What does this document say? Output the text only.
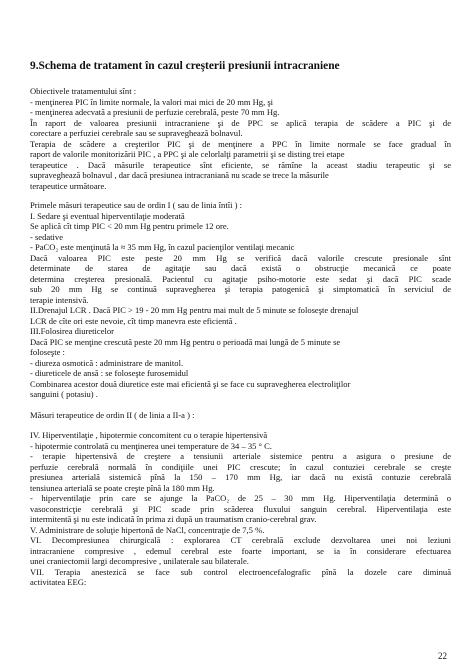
9.Schema de tratament în cazul creşterii presiunii intracraniene
Obiectivele tratamentului sînt :
- menţinerea PIC în limite normale, la valori mai mici de 20 mm Hg, şi
- menţinerea adecvată a presiunii de perfuzie cerebrală, peste 70 mm Hg.
În raport de valoarea presiunii intracraniene şi de PPC se aplică terapia de scădere a PIC şi de
corectare a perfuziei cerebrale sau se supraveghează bolnavul.
Terapia de scădere a creşterilor PIC şi de menţinere a PPC în limite normale se face gradual în
raport de valorile monitorizării PIC , a PPC şi ale celorlalţi parametrii şi se disting trei etape
terapeutice . Dacă măsurile terapeutice sînt eficiente, se rămîne la aceast stadiu terapeutic şi se
supraveghează bolnavul , dar dacă presiunea intracraniană nu scade se trece la măsurile
terapeutice următoare.
Primele măsuri terapeutice sau de ordin I ( sau de linia întîi ) :
I. Sedare şi eventual hiperventilaţie moderată
Se aplică cît timp PIC < 20 mm Hg pentru primele 12 ore.
- sedative
- PaCO₂ este menţinută la ≈ 35 mm Hg, în cazul pacienţilor ventilaţi mecanic
Dacă valoarea PIC este peste 20 mm Hg se verifică dacă valorile crescute presionale sînt
determinate de starea de agitaţie sau dacă există o obstrucţie mecanică ce poate
determina creşterea presională. Pacientul cu agitaţie psiho-motorie este sedat şi dacă PIC scade
sub 20 mm Hg se continuă supravegherea şi terapia patogenică şi simptomatică în serviciul de
terapie intensivă.
II.Drenajul LCR . Dacă PIC > 19 - 20 mm Hg pentru mai mult de 5 minute se foloseşte drenajul
LCR de cîte ori este nevoie, cît timp manevra este eficientă .
III.Folosirea diureticelor
Dacă PIC se menţine crescută peste 20 mm Hg pentru o perioadă mai lungă de 5 minute se
foloseşte :
- diureza osmotică : administrare de manitol.
- diureticele de ansă : se foloseşte furosemidul
Combinarea acestor două diuretice este mai eficientă şi se face cu supravegherea electroliţilor
sanguini ( potasiu) .
Măsuri terapeutice de ordin II ( de linia a II-a ) :
IV. Hiperventilaţie , hipotermie concomitent cu o terapie hipertensivă
- hipotermie controlată cu menţinerea unei temperature de 34 – 35 ° C.
- terapie hipertensivă de creştere a tensiunii arteriale sistemice pentru a asigura o presiune de
perfuzie cerebrală normală în condiţiile unei PIC crescute; în cazul contuziei cerebrale se creşte
presiunea arterială sistemică pînă la 150 – 170 mm Hg, iar dacă nu există contuzie cerebrală
tensiunea arterială se poate creşte pînă la 180 mm Hg.
- hiperventilaţie prin care se ajunge la PaCO₂ de 25 – 30 mm Hg. Hiperventilaţia determină o
vasoconstricţie cerebrală şi PIC scade prin scăderea fluxului sanguin cerebral. Hiperventilaţia este
intermitentă şi nu este indicată în prima zi după un traumatism cranio-cerebral grav.
V. Administrare de soluţie hipertonă de NaCl, concentraţie de 7,5 %.
VI. Decompresiunea chirurgicală : explorarea CT cerebrală exclude dezvoltarea unei noi leziuni
intracraniene compresive , edemul cerebral este foarte important, se ia în considerare efectuarea
unei craniectomii largi decompresive , unilaterale sau bilaterale.
VII. Terapia anestezică se face sub control electroencefalografic pînă la dozele care diminuă
activitatea EEG:
22
